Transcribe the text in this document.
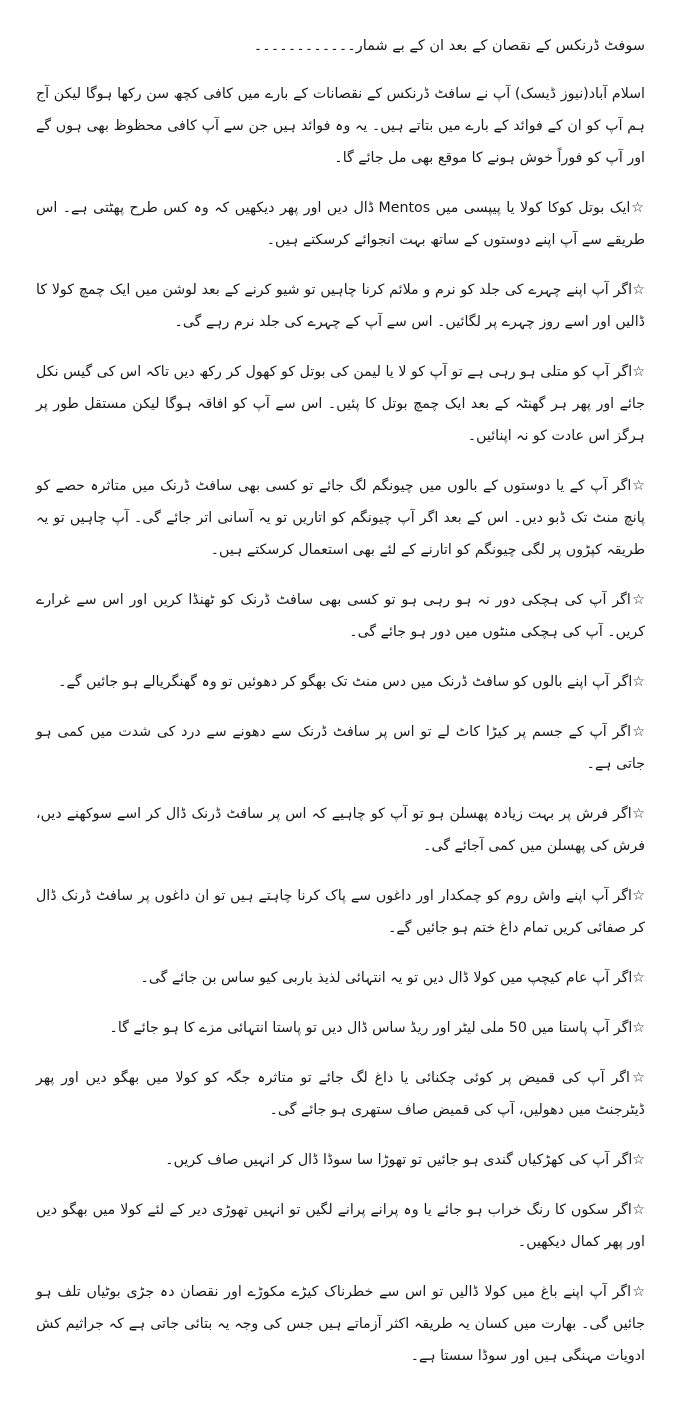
سوفٹ ڈرنکس کے نقصان کے بعد ان کے بے شمار۔۔۔۔۔۔۔۔۔۔۔۔
اسلام آباد(نیوز ڈیسک) آپ نے سافٹ ڈرنکس کے نقصانات کے بارے میں کافی کچھ سن رکھا ہوگا لیکن آج ہم آپ کو ان کے فوائد کے بارے میں بتاتے ہیں۔ یہ وہ فوائد ہیں جن سے آپ کافی محظوظ بھی ہوں گے اور آپ کو فوراً خوش ہونے کا موقع بھی مل جائے گا۔
☆ایک بوتل کوکا کولا یا پیپسی میں Mentos ڈال دیں اور پھر دیکھیں کہ وہ کس طرح پھٹتی ہے۔ اس طریقے سے آپ اپنے دوستوں کے ساتھ بہت انجوائے کرسکتے ہیں۔
☆اگر آپ اپنے چہرے کی جلد کو نرم و ملائم کرنا چاہیں تو شیو کرنے کے بعد لوشن میں ایک چمچ کولا کا ڈالیں اور اسے روز چہرے پر لگائیں۔ اس سے آپ کے چہرے کی جلد نرم رہے گی۔
☆اگر آپ کو متلی ہو رہی ہے تو آپ کو لا یا لیمن کی بوتل کو کھول کر رکھ دیں تاکہ اس کی گیس نکل جائے اور پھر ہر گھنٹہ کے بعد ایک چمچ بوتل کا پئیں۔ اس سے آپ کو افاقہ ہوگا لیکن مستقل طور پر ہرگز اس عادت کو نہ اپنائیں۔
☆اگر آپ کے یا دوستوں کے بالوں میں چیونگم لگ جائے تو کسی بھی سافٹ ڈرنک میں متاثرہ حصے کو پانچ منٹ تک ڈبو دیں۔ اس کے بعد اگر آپ چیونگم کو اتاریں تو یہ آسانی اتر جائے گی۔ آپ چاہیں تو یہ طریقہ کپڑوں پر لگی چیونگم کو اتارنے کے لئے بھی استعمال کرسکتے ہیں۔
☆اگر آپ کی ہچکی دور نہ ہو رہی ہو تو کسی بھی سافٹ ڈرنک کو ٹھنڈا کریں اور اس سے غرارے کریں۔ آپ کی ہچکی منٹوں میں دور ہو جائے گی۔
☆اگر آپ اپنے بالوں کو سافٹ ڈرنک میں دس منٹ تک بھگو کر دھوئیں تو وہ گھنگریالے ہو جائیں گے۔
☆اگر آپ کے جسم پر کیڑا کاٹ لے تو اس پر سافٹ ڈرنک سے دھونے سے درد کی شدت میں کمی ہو جاتی ہے۔
☆اگر فرش پر بہت زیادہ پھسلن ہو تو آپ کو چاہیے کہ اس پر سافٹ ڈرنک ڈال کر اسے سوکھنے دیں، فرش کی پھسلن میں کمی آجائے گی۔
☆اگر آپ اپنے واش روم کو چمکدار اور داغوں سے پاک کرنا چاہتے ہیں تو ان داغوں پر سافٹ ڈرنک ڈال کر صفائی کریں تمام داغ ختم ہو جائیں گے۔
☆اگر آپ عام کیچپ میں کولا ڈال دیں تو یہ انتہائی لذیذ باربی کیو ساس بن جائے گی۔
☆اگر آپ پاستا میں 50 ملی لیٹر اور ریڈ ساس ڈال دیں تو پاستا انتہائی مزے کا ہو جائے گا۔
☆اگر آپ کی قمیض پر کوئی چکنائی یا داغ لگ جائے تو متاثرہ جگہ کو کولا میں بھگو دیں اور پھر ڈیٹرجنٹ میں دھولیں، آپ کی قمیض صاف ستھری ہو جائے گی۔
☆اگر آپ کی کھڑکیاں گندی ہو جائیں تو تھوڑا سا سوڈا ڈال کر انہیں صاف کریں۔
☆اگر سکوں کا رنگ خراب ہو جائے یا وہ پرانے پرانے لگیں تو انہیں تھوڑی دیر کے لئے کولا میں بھگو دیں اور پھر کمال دیکھیں۔
☆اگر آپ اپنے باغ میں کولا ڈالیں تو اس سے خطرناک کیڑے مکوڑے اور نقصان دہ جڑی بوٹیاں تلف ہو جائیں گی۔ بھارت میں کسان یہ طریقہ اکثر آزماتے ہیں جس کی وجہ یہ بتائی جاتی ہے کہ جراثیم کش ادویات مہنگی ہیں اور سوڈا سستا ہے۔
